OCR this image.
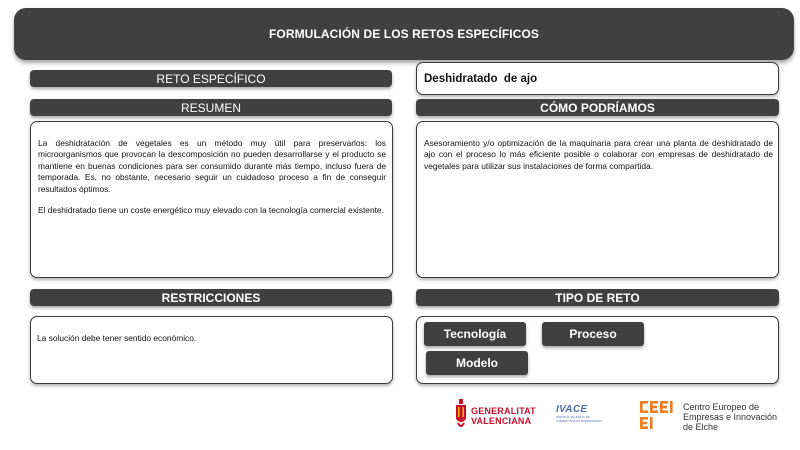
FORMULACIÓN DE LOS RETOS ESPECÍFICOS
RETO ESPECÍFICO	Deshidratado  de ajo
RESUMEN

La deshidratación de vegetales es un método muy útil para preservarlos: los microorganismos que provocan la descomposición no pueden desarrollarse y el producto se mantiene en buenas condiciones para ser consumido durante más tiempo, incluso fuera de temporada. Es, no obstante, necesario seguir un cuidadoso proceso a fin de conseguir resultados óptimos.

El deshidratado tiene un coste energético muy elevado con la tecnología comercial existente.

CÓMO PODRÍAMOS

Asesoramiento y/o optimización de la maquinaria para crear una planta de deshidratado de ajo con el proceso lo más eficiente posible o colaborar con empresas de deshidratado de vegetales para utilizar sus instalaciones de forma compartida.

RESTRICCIONES

La solución debe tener sentido económico.

TIPO DE RETO
Tecnología	Proceso
Modelo
GENERALITAT
VALENCIANA
IVACE
INSTITUT VALENCIÀ DE
COMPETITIVITAT EMPRESARIAL
Centro Europeo de
Empresas e Innovación
de Elche
